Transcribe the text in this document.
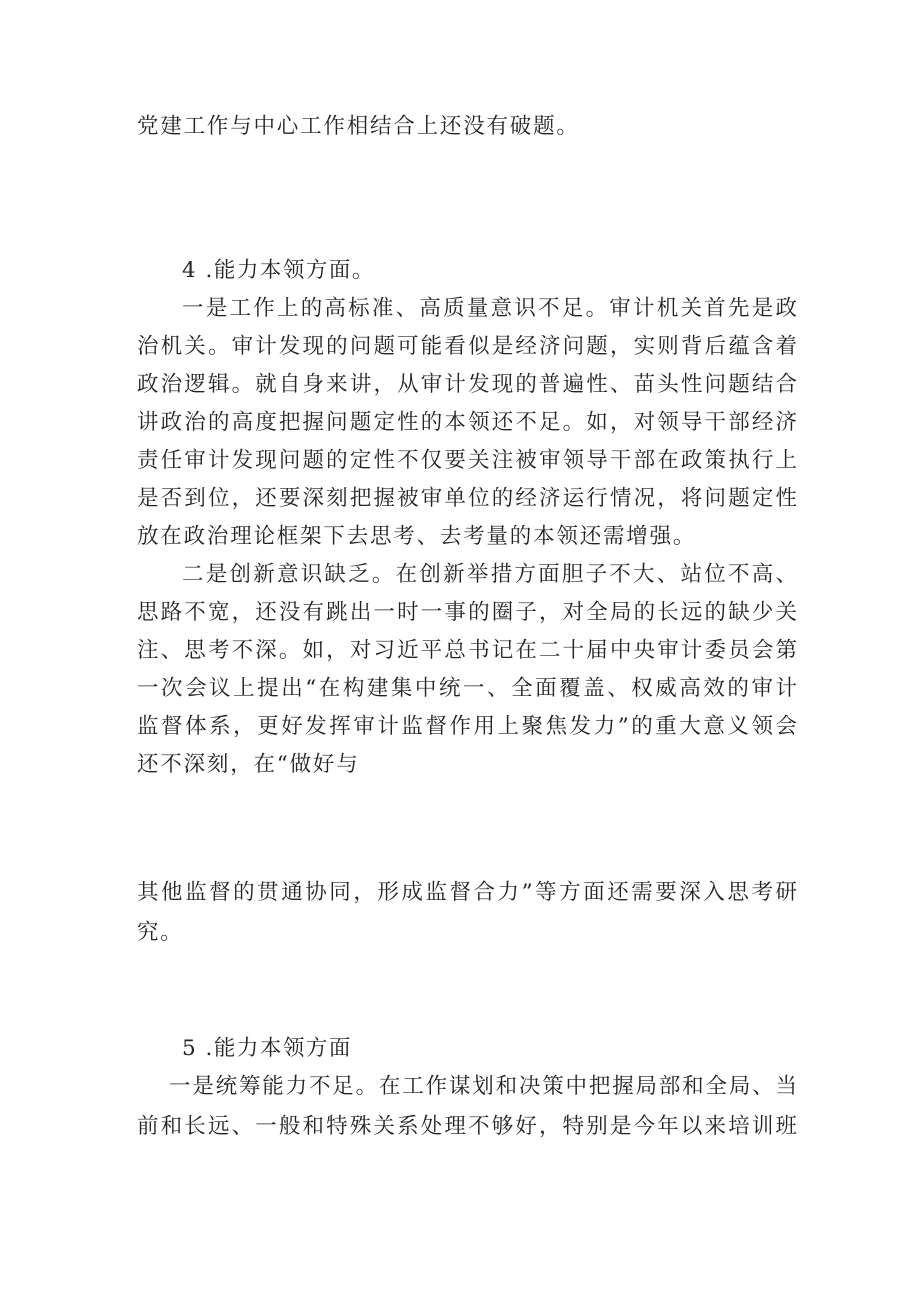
党建工作与中心工作相结合上还没有破题。
4 .能力本领方面。
一是工作上的高标准、高质量意识不足。审计机关首先是政
治机关。审计发现的问题可能看似是经济问题，实则背后蕴含着
政治逻辑。就自身来讲，从审计发现的普遍性、苗头性问题结合
讲政治的高度把握问题定性的本领还不足。如，对领导干部经济
责任审计发现问题的定性不仅要关注被审领导干部在政策执行上
是否到位，还要深刻把握被审单位的经济运行情况，将问题定性
放在政治理论框架下去思考、去考量的本领还需增强。
二是创新意识缺乏。在创新举措方面胆子不大、站位不高、
思路不宽，还没有跳出一时一事的圈子，对全局的长远的缺少关
注、思考不深。如，对习近平总书记在二十届中央审计委员会第
一次会议上提出“在构建集中统一、全面覆盖、权威高效的审计
监督体系，更好发挥审计监督作用上聚焦发力”的重大意义领会
还不深刻，在“做好与
其他监督的贯通协同，形成监督合力”等方面还需要深入思考研
究。
5 .能力本领方面
一是统筹能力不足。在工作谋划和决策中把握局部和全局、当
前和长远、一般和特殊关系处理不够好，特别是今年以来培训班
